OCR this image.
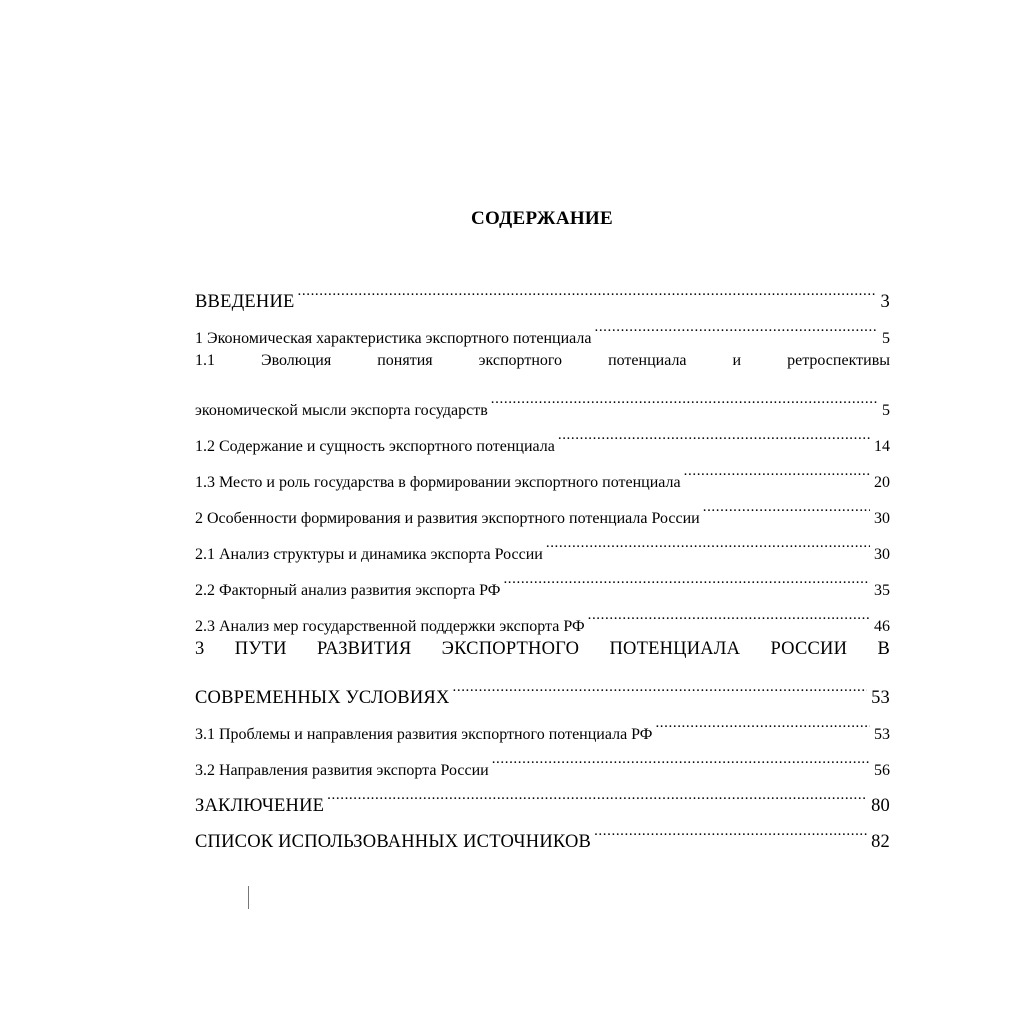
СОДЕРЖАНИЕ
ВВЕДЕНИЕ .....	3
1 Экономическая характеристика экспортного потенциала .....	5
1.1 Эволюция понятия экспортного потенциала и ретроспективы
экономической мысли экспорта государств .....	5
1.2 Содержание и сущность экспортного потенциала .....	14
1.3 Место и роль государства в формировании экспортного потенциала .....	20
2 Особенности формирования и развития экспортного потенциала России .....	30
2.1 Анализ структуры и динамика экспорта России .....	30
2.2 Факторный анализ развития экспорта РФ .....	35
2.3 Анализ мер государственной поддержки экспорта РФ .....	46
3 ПУТИ РАЗВИТИЯ ЭКСПОРТНОГО ПОТЕНЦИАЛА РОССИИ В
СОВРЕМЕННЫХ УСЛОВИЯХ .....	53
3.1 Проблемы и направления развития экспортного потенциала РФ .....	53
3.2 Направления развития экспорта России .....	56
ЗАКЛЮЧЕНИЕ .....	80
СПИСОК ИСПОЛЬЗОВАННЫХ ИСТОЧНИКОВ .....	82
